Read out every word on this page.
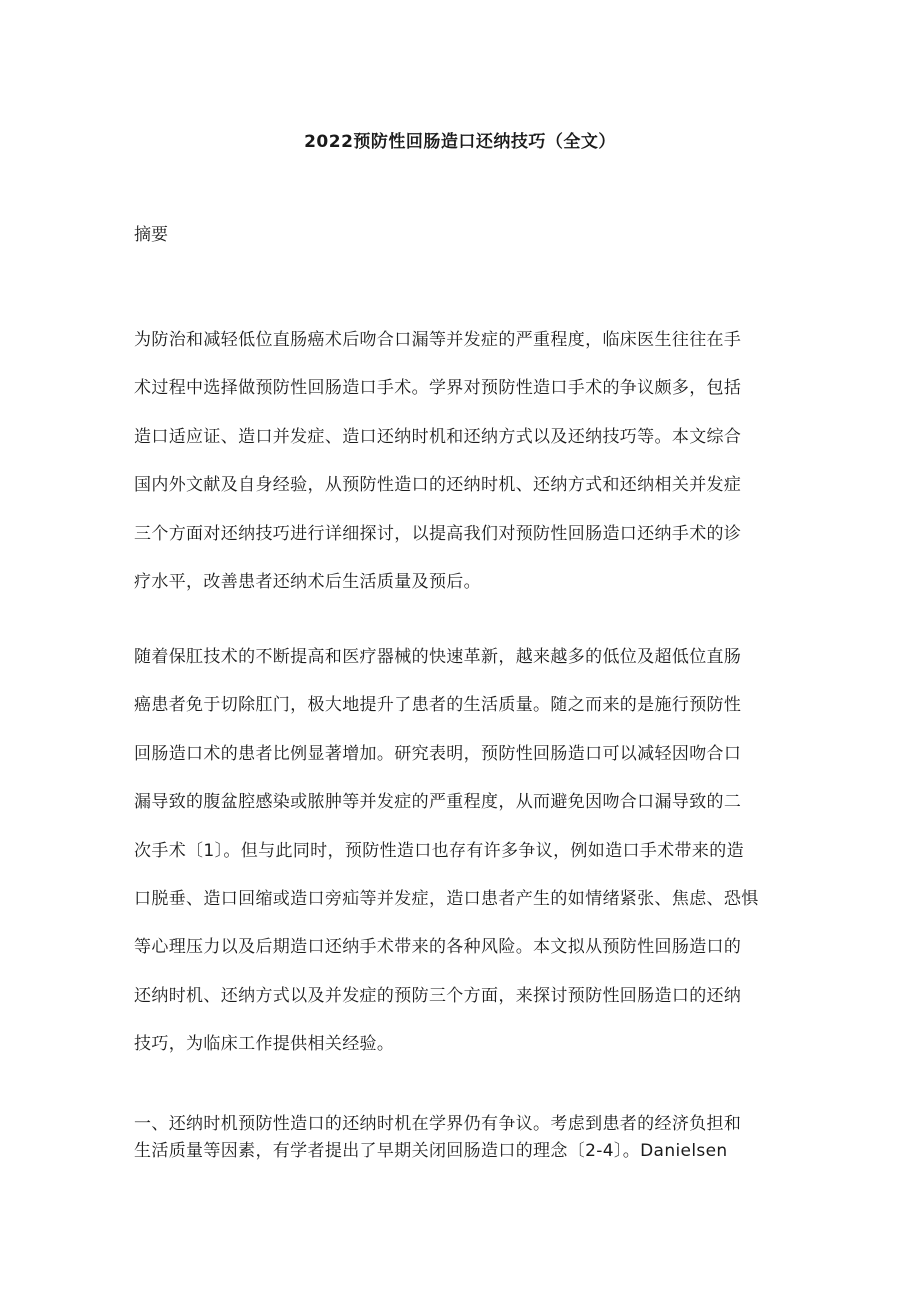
2022预防性回肠造口还纳技巧（全文）
摘要
为防治和减轻低位直肠癌术后吻合口漏等并发症的严重程度，临床医生往往在手
术过程中选择做预防性回肠造口手术。学界对预防性造口手术的争议颇多，包括
造口适应证、造口并发症、造口还纳时机和还纳方式以及还纳技巧等。本文综合
国内外文献及自身经验，从预防性造口的还纳时机、还纳方式和还纳相关并发症
三个方面对还纳技巧进行详细探讨，以提高我们对预防性回肠造口还纳手术的诊
疗水平，改善患者还纳术后生活质量及预后。
随着保肛技术的不断提高和医疗器械的快速革新，越来越多的低位及超低位直肠
癌患者免于切除肛门，极大地提升了患者的生活质量。随之而来的是施行预防性
回肠造口术的患者比例显著增加。研究表明，预防性回肠造口可以减轻因吻合口
漏导致的腹盆腔感染或脓肿等并发症的严重程度，从而避免因吻合口漏导致的二
次手术〔1〕。但与此同时，预防性造口也存有许多争议，例如造口手术带来的造
口脱垂、造口回缩或造口旁疝等并发症，造口患者产生的如情绪紧张、焦虑、恐惧
等心理压力以及后期造口还纳手术带来的各种风险。本文拟从预防性回肠造口的
还纳时机、还纳方式以及并发症的预防三个方面，来探讨预防性回肠造口的还纳
技巧，为临床工作提供相关经验。
一、还纳时机预防性造口的还纳时机在学界仍有争议。考虑到患者的经济负担和
生活质量等因素，有学者提出了早期关闭回肠造口的理念〔2-4〕。Danielsen
